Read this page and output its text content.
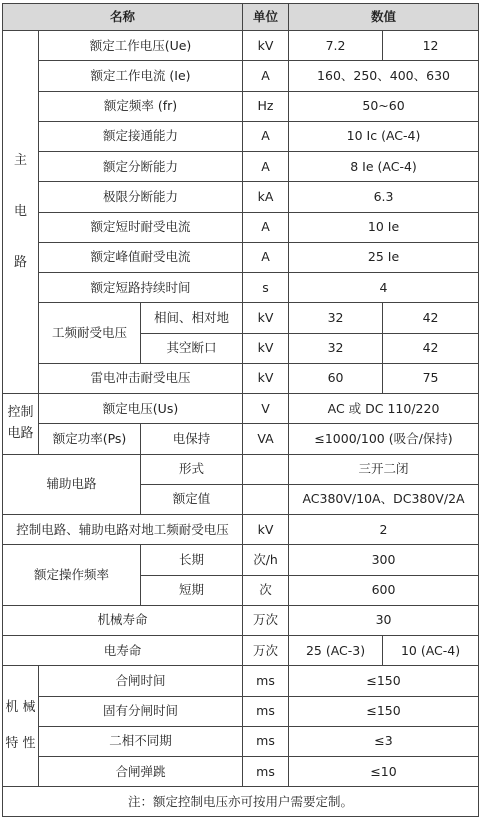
名称			单位	数值	
主

电

路	额定工作电压(Ue)		kV	7.2	12
	额定工作电流 (Ie)		A	160、250、400、630	
	额定频率 (fr)		Hz	50~60	
	额定接通能力		A	10 Ic (AC-4)	
	额定分断能力		A	8 Ie (AC-4)	
	极限分断能力		kA	6.3	
	额定短时耐受电流		A	10 Ie	
	额定峰值耐受电流		A	25 Ie	
	额定短路持续时间		s	4	
	工频耐受电压	相间、相对地	kV	32	42
		其空断口	kV	32	42
	雷电冲击耐受电压		kV	60	75
控制
电路	额定电压(Us)		V	AC 或 DC 110/220	
	额定功率(Ps)	电保持	VA	≤1000/100 (吸合/保持)	
辅助电路		形式		三开二闭	
		额定值		AC380V/10A、DC380V/2A	
控制电路、辅助电路对地工频耐受电压			kV	2	
额定操作频率		长期	次/h	300	
		短期	次	600	
机械寿命			万次	30	
电寿命			万次	25 (AC-3)	10 (AC-4)
机 械

特 性	合闸时间		ms	≤150	
	固有分闸时间		ms	≤150	
	二相不同期		ms	≤3	
	合闸弹跳		ms	≤10	
注：额定控制电压亦可按用户需要定制。					
